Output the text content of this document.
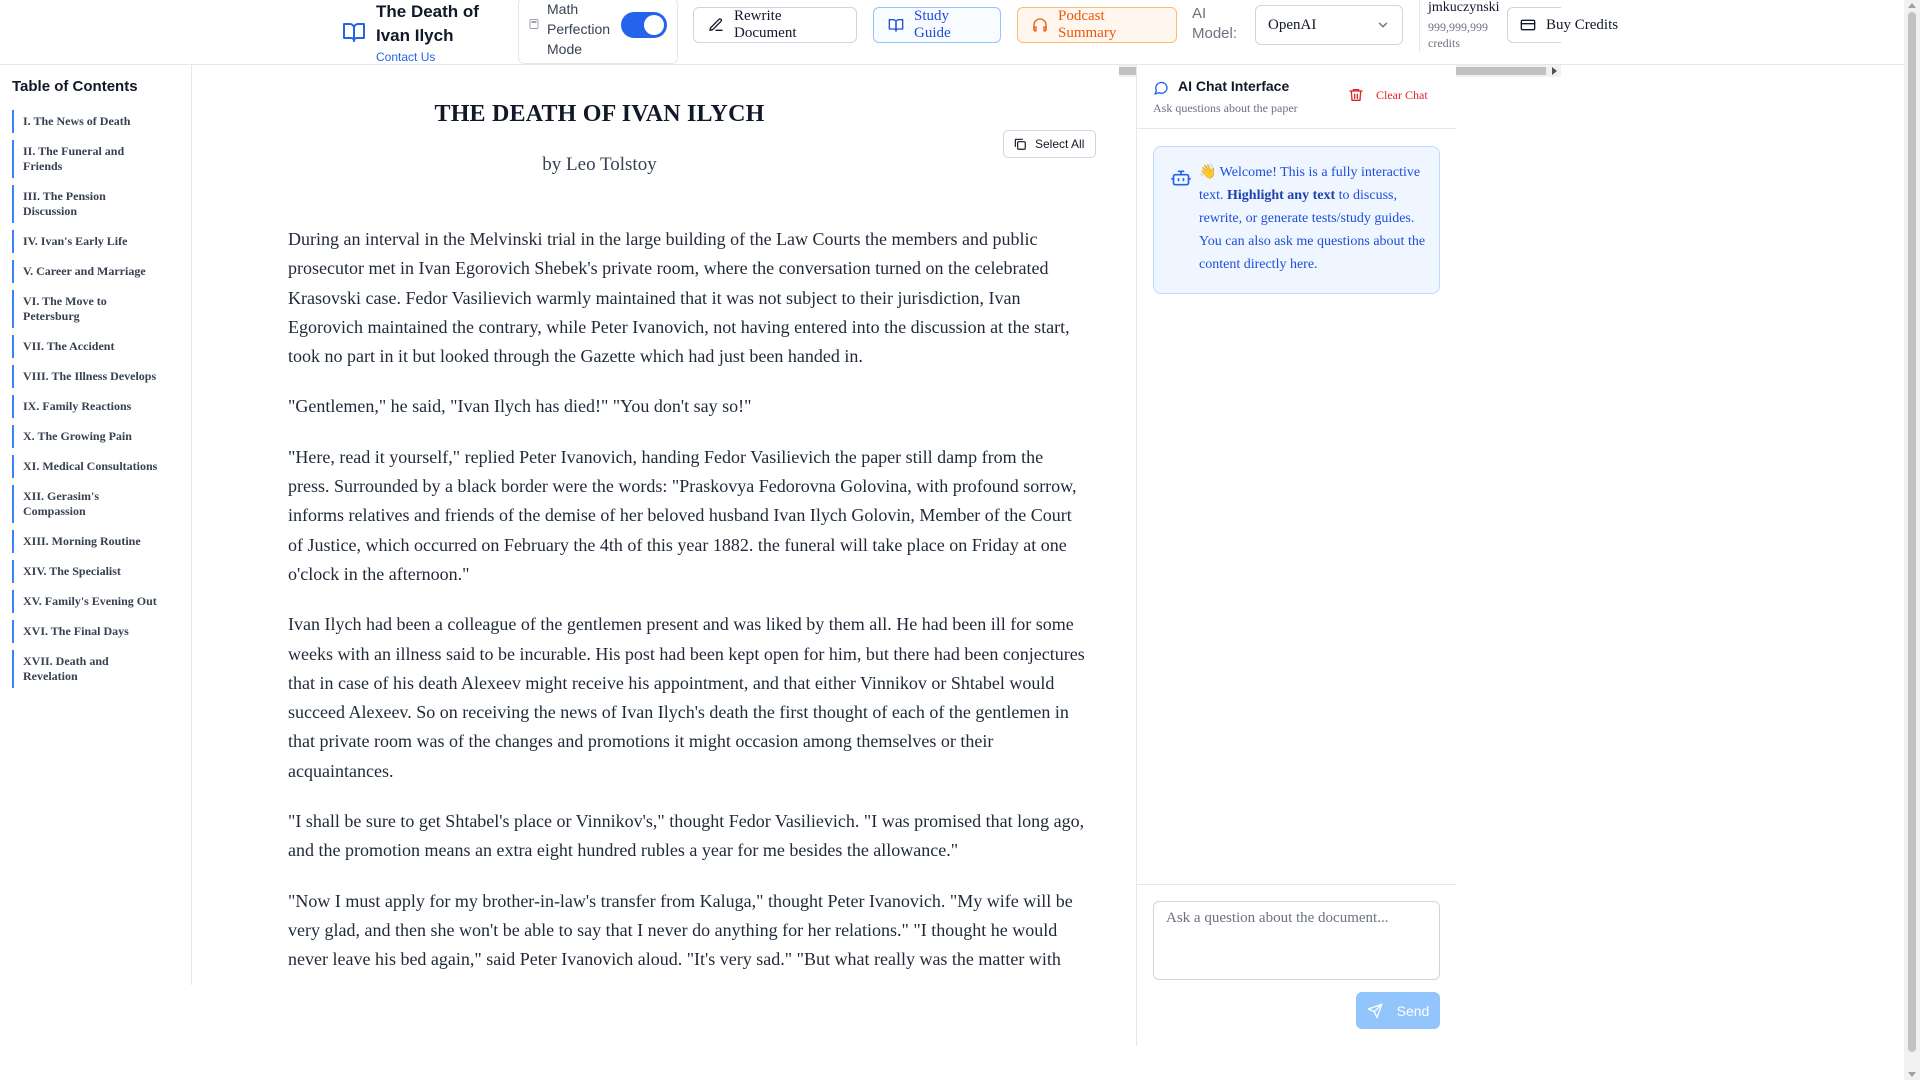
The Death of Ivan Ilych
Contact Us
Math Perfection Mode
Rewrite Document
Study Guide
Podcast Summary
AI Model:
OpenAI
jmkuczynski
999,999,999 credits
Buy Credits
Table of Contents
I. The News of Death
II. The Funeral and Friends
III. The Pension Discussion
IV. Ivan's Early Life
V. Career and Marriage
VI. The Move to Petersburg
VII. The Accident
VIII. The Illness Develops
IX. Family Reactions
X. The Growing Pain
XI. Medical Consultations
XII. Gerasim's Compassion
XIII. Morning Routine
XIV. The Specialist
XV. Family's Evening Out
XVI. The Final Days
XVII. Death and Revelation
THE DEATH OF IVAN ILYCH
Select All
by Leo Tolstoy

During an interval in the Melvinski trial in the large building of the Law Courts the members and public prosecutor met in Ivan Egorovich Shebek's private room, where the conversation turned on the celebrated Krasovski case. Fedor Vasilievich warmly maintained that it was not subject to their jurisdiction, Ivan Egorovich maintained the contrary, while Peter Ivanovich, not having entered into the discussion at the start, took no part in it but looked through the Gazette which had just been handed in.

"Gentlemen," he said, "Ivan Ilych has died!" "You don't say so!"

"Here, read it yourself," replied Peter Ivanovich, handing Fedor Vasilievich the paper still damp from the press. Surrounded by a black border were the words: "Praskovya Fedorovna Golovina, with profound sorrow, informs relatives and friends of the demise of her beloved husband Ivan Ilych Golovin, Member of the Court of Justice, which occurred on February the 4th of this year 1882. the funeral will take place on Friday at one o'clock in the afternoon."

Ivan Ilych had been a colleague of the gentlemen present and was liked by them all. He had been ill for some weeks with an illness said to be incurable. His post had been kept open for him, but there had been conjectures that in case of his death Alexeev might receive his appointment, and that either Vinnikov or Shtabel would succeed Alexeev. So on receiving the news of Ivan Ilych's death the first thought of each of the gentlemen in that private room was of the changes and promotions it might occasion among themselves or their acquaintances.

"I shall be sure to get Shtabel's place or Vinnikov's," thought Fedor Vasilievich. "I was promised that long ago, and the promotion means an extra eight hundred rubles a year for me besides the allowance."

"Now I must apply for my brother-in-law's transfer from Kaluga," thought Peter Ivanovich. "My wife will be very glad, and then she won't be able to say that I never do anything for her relations." "I thought he would never leave his bed again," said Peter Ivanovich aloud. "It's very sad." "But what really was the matter with

AI Chat Interface
Ask questions about the paper
Clear Chat
👋 Welcome! This is a fully interactive text. Highlight any text to discuss, rewrite, or generate tests/study guides. You can also ask me questions about the content directly here.
Ask a question about the document...
Send
